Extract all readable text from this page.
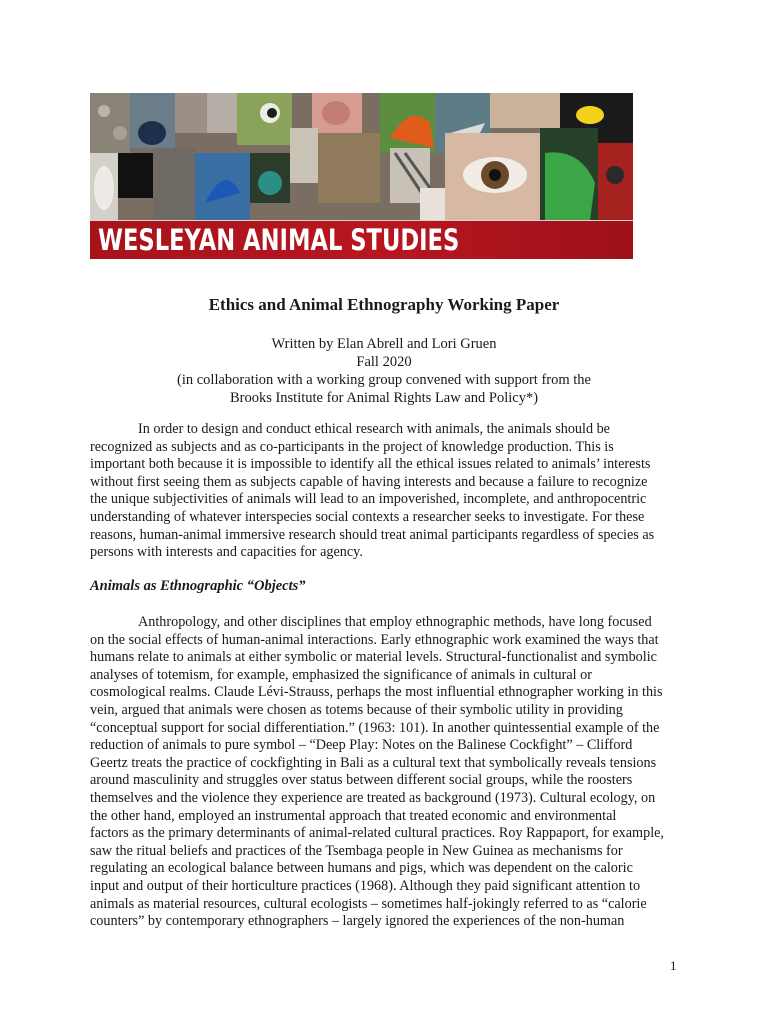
WESLEYAN ANIMAL STUDIES
Ethics and Animal Ethnography Working Paper
Written by Elan Abrell and Lori Gruen
Fall 2020
(in collaboration with a working group convened with support from the
Brooks Institute for Animal Rights Law and Policy*)
In order to design and conduct ethical research with animals, the animals should be
recognized as subjects and as co-participants in the project of knowledge production. This is
important both because it is impossible to identify all the ethical issues related to animals’ interests
without first seeing them as subjects capable of having interests and because a failure to recognize
the unique subjectivities of animals will lead to an impoverished, incomplete, and anthropocentric
understanding of whatever interspecies social contexts a researcher seeks to investigate. For these
reasons, human-animal immersive research should treat animal participants regardless of species as
persons with interests and capacities for agency.
Animals as Ethnographic “Objects”
Anthropology, and other disciplines that employ ethnographic methods, have long focused
on the social effects of human-animal interactions. Early ethnographic work examined the ways that
humans relate to animals at either symbolic or material levels. Structural-functionalist and symbolic
analyses of totemism, for example, emphasized the significance of animals in cultural or
cosmological realms. Claude Lévi-Strauss, perhaps the most influential ethnographer working in this
vein, argued that animals were chosen as totems because of their symbolic utility in providing
“conceptual support for social differentiation.” (1963: 101). In another quintessential example of the
reduction of animals to pure symbol – “Deep Play: Notes on the Balinese Cockfight” – Clifford
Geertz treats the practice of cockfighting in Bali as a cultural text that symbolically reveals tensions
around masculinity and struggles over status between different social groups, while the roosters
themselves and the violence they experience are treated as background (1973). Cultural ecology, on
the other hand, employed an instrumental approach that treated economic and environmental
factors as the primary determinants of animal-related cultural practices. Roy Rappaport, for example,
saw the ritual beliefs and practices of the Tsembaga people in New Guinea as mechanisms for
regulating an ecological balance between humans and pigs, which was dependent on the caloric
input and output of their horticulture practices (1968). Although they paid significant attention to
animals as material resources, cultural ecologists – sometimes half-jokingly referred to as “calorie
counters” by contemporary ethnographers – largely ignored the experiences of the non-human
1
